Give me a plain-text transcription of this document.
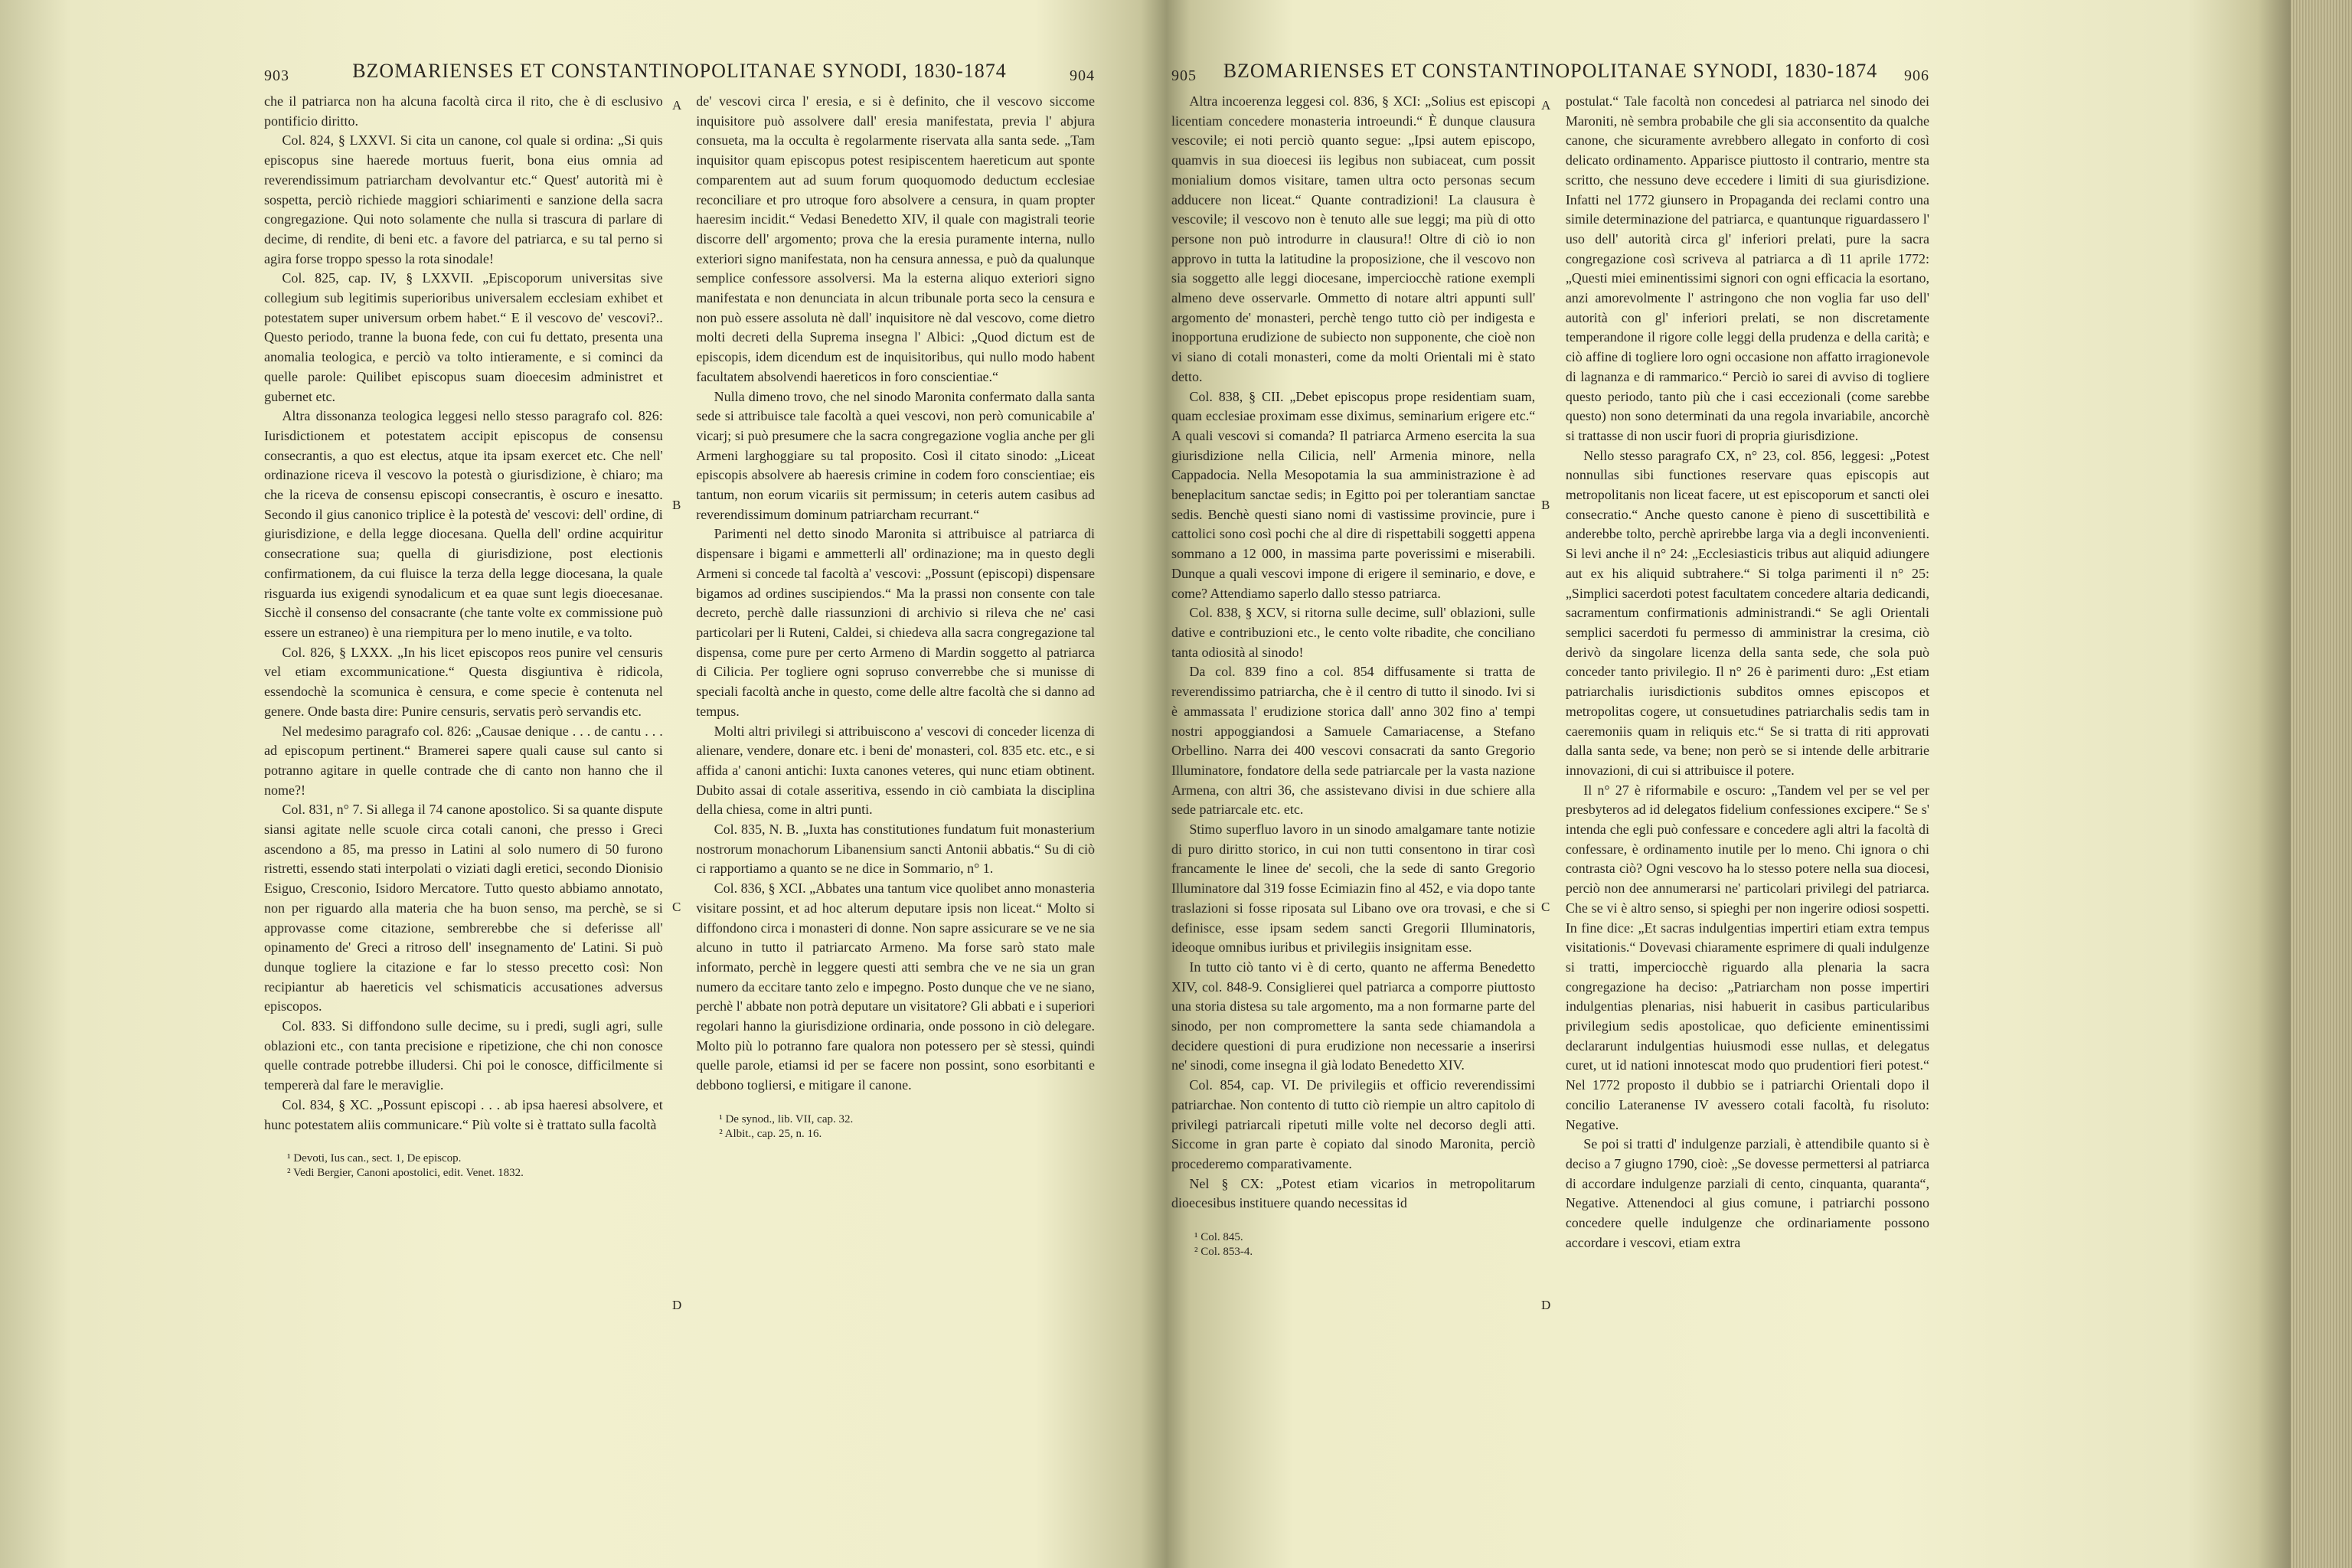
903	BZOMARIENSES ET CONSTANTINOPOLITANAE SYNODI, 1830-1874	904

che il patriarca non ha alcuna facoltà circa il rito, che è di esclusivo pontificio diritto.

Col. 824, § LXXVI. Si cita un canone, col quale si ordina: „Si quis episcopus sine haerede mortuus fuerit, bona eius omnia ad reverendissimum patriarcham devolvantur etc.“ Quest' autorità mi è sospetta, perciò richiede maggiori schiarimenti e sanzione della sacra congregazione. Qui noto solamente che nulla si trascura di parlare di decime, di rendite, di beni etc. a favore del patriarca, e su tal perno si agira forse troppo spesso la rota sinodale!

Col. 825, cap. IV, § LXXVII. „Episcoporum universitas sive collegium sub legitimis superioribus universalem ecclesiam exhibet et potestatem super universum orbem habet.“ E il vescovo de' vescovi?.. Questo periodo, tranne la buona fede, con cui fu dettato, presenta una anomalia teologica, e perciò va tolto intieramente, e si cominci da quelle parole: Quilibet episcopus suam dioecesim administret et gubernet etc.

Altra dissonanza teologica leggesi nello stesso paragrafo col. 826: Iurisdictionem et potestatem accipit episcopus de consensu consecrantis, a quo est electus, atque ita ipsam exercet etc. Che nell' ordinazione riceva il vescovo la potestà o giurisdizione, è chiaro; ma che la riceva de consensu episcopi consecrantis, è oscuro e inesatto. Secondo il gius canonico triplice è la potestà de' vescovi: dell' ordine, di giurisdizione, e della legge diocesana. Quella dell' ordine acquiritur consecratione sua; quella di giurisdizione, post electionis confirmationem, da cui fluisce la terza della legge diocesana, la quale risguarda ius exigendi synodalicum et ea quae sunt legis dioecesanae. Sicchè il consenso del consacrante (che tante volte ex commissione può essere un estraneo) è una riempitura per lo meno inutile, e va tolto.

Col. 826, § LXXX. „In his licet episcopos reos punire vel censuris vel etiam excommunicatione.“ Questa disgiuntiva è ridicola, essendochè la scomunica è censura, e come specie è contenuta nel genere. Onde basta dire: Punire censuris, servatis però servandis etc.

Nel medesimo paragrafo col. 826: „Causae denique . . . de cantu . . . ad episcopum pertinent.“ Bramerei sapere quali cause sul canto si potranno agitare in quelle contrade che di canto non hanno che il nome?!

Col. 831, n° 7. Si allega il 74 canone apostolico. Si sa quante dispute siansi agitate nelle scuole circa cotali canoni, che presso i Greci ascendono a 85, ma presso in Latini al solo numero di 50 furono ristretti, essendo stati interpolati o viziati dagli eretici, secondo Dionisio Esiguo, Cresconio, Isidoro Mercatore. Tutto questo abbiamo annotato, non per riguardo alla materia che ha buon senso, ma perchè, se si approvasse come citazione, sembrerebbe che si deferisse all' opinamento de' Greci a ritroso dell' insegnamento de' Latini. Si può dunque togliere la citazione e far lo stesso precetto così: Non recipiantur ab haereticis vel schismaticis accusationes adversus episcopos.

Col. 833. Si diffondono sulle decime, su i predi, sugli agri, sulle oblazioni etc., con tanta precisione e ripetizione, che chi non conosce quelle contrade potrebbe illudersi. Chi poi le conosce, difficilmente si tempererà dal fare le meraviglie.

Col. 834, § XC. „Possunt episcopi . . . ab ipsa haeresi absolvere, et hunc potestatem aliis communicare.“ Più volte si è trattato sulla facoltà

¹ Devoti, Ius can., sect. 1, De episcop.
² Vedi Bergier, Canoni apostolici, edit. Venet. 1832.

de' vescovi circa l' eresia, e si è definito, che il vescovo siccome inquisitore può assolvere dall' eresia manifestata, previa l' abjura consueta, ma la occulta è regolarmente riservata alla santa sede. „Tam inquisitor quam episcopus potest resipiscentem haereticum aut sponte comparentem aut ad suum forum quoquomodo deductum ecclesiae reconciliare et pro utroque foro absolvere a censura, in quam propter haeresim incidit.“ Vedasi Benedetto XIV, il quale con magistrali teorie discorre dell' argomento; prova che la eresia puramente interna, nullo exteriori signo manifestata, non ha censura annessa, e può da qualunque semplice confessore assolversi. Ma la esterna aliquo exteriori signo manifestata e non denunciata in alcun tribunale porta seco la censura e non può essere assoluta nè dall' inquisitore nè dal vescovo, come dietro molti decreti della Suprema insegna l' Albici: „Quod dictum est de episcopis, idem dicendum est de inquisitoribus, qui nullo modo habent facultatem absolvendi haereticos in foro conscientiae.“

Nulla dimeno trovo, che nel sinodo Maronita confermato dalla santa sede si attribuisce tale facoltà a quei vescovi, non però comunicabile a' vicarj; si può presumere che la sacra congregazione voglia anche per gli Armeni larghoggiare su tal proposito. Così il citato sinodo: „Liceat episcopis absolvere ab haeresis crimine in codem foro conscientiae; eis tantum, non eorum vicariis sit permissum; in ceteris autem casibus ad reverendissimum dominum patriarcham recurrant.“

Parimenti nel detto sinodo Maronita si attribuisce al patriarca di dispensare i bigami e ammetterli all' ordinazione; ma in questo degli Armeni si concede tal facoltà a' vescovi: „Possunt (episcopi) dispensare bigamos ad ordines suscipiendos.“ Ma la prassi non consente con tale decreto, perchè dalle riassunzioni di archivio si rileva che ne' casi particolari per li Ruteni, Caldei, si chiedeva alla sacra congregazione tal dispensa, come pure per certo Armeno di Mardin soggetto al patriarca di Cilicia. Per togliere ogni sopruso converrebbe che si munisse di speciali facoltà anche in questo, come delle altre facoltà che si danno ad tempus.

Molti altri privilegi si attribuiscono a' vescovi di conceder licenza di alienare, vendere, donare etc. i beni de' monasteri, col. 835 etc. etc., e si affida a' canoni antichi: Iuxta canones veteres, qui nunc etiam obtinent. Dubito assai di cotale asseritiva, essendo in ciò cambiata la disciplina della chiesa, come in altri punti.

Col. 835, N. B. „Iuxta has constitutiones fundatum fuit monasterium nostrorum monachorum Libanensium sancti Antonii abbatis.“ Su di ciò ci rapportiamo a quanto se ne dice in Sommario, n° 1.

Col. 836, § XCI. „Abbates una tantum vice quolibet anno monasteria visitare possint, et ad hoc alterum deputare ipsis non liceat.“ Molto si diffondono circa i monasteri di donne. Non sapre assicurare se ve ne sia alcuno in tutto il patriarcato Armeno. Ma forse sarò stato male informato, perchè in leggere questi atti sembra che ve ne sia un gran numero da eccitare tanto zelo e impegno. Posto dunque che ve ne siano, perchè l' abbate non potrà deputare un visitatore? Gli abbati e i superiori regolari hanno la giurisdizione ordinaria, onde possono in ciò delegare. Molto più lo potranno fare qualora non potessero per sè stessi, quindi quelle parole, etiamsi id per se facere non possint, sono esorbitanti e debbono togliersi, e mitigare il canone.

¹ De synod., lib. VII, cap. 32.
² Albit., cap. 25, n. 16.
A
B
C
D
905	BZOMARIENSES ET CONSTANTINOPOLITANAE SYNODI, 1830-1874	906

Altra incoerenza leggesi col. 836, § XCI: „Solius est episcopi licentiam concedere monasteria introeundi.“ È dunque clausura vescovile; ei noti perciò quanto segue: „Ipsi autem episcopo, quamvis in sua dioecesi iis legibus non subiaceat, cum possit monialium domos visitare, tamen ultra octo personas secum adducere non liceat.“ Quante contradizioni! La clausura è vescovile; il vescovo non è tenuto alle sue leggi; ma più di otto persone non può introdurre in clausura!! Oltre di ciò io non approvo in tutta la latitudine la proposizione, che il vescovo non sia soggetto alle leggi diocesane, imperciocchè ratione exempli almeno deve osservarle. Ommetto di notare altri appunti sull' argomento de' monasteri, perchè tengo tutto ciò per indigesta e inopportuna erudizione de subiecto non supponente, che cioè non vi siano di cotali monasteri, come da molti Orientali mi è stato detto.

Col. 838, § CII. „Debet episcopus prope residentiam suam, quam ecclesiae proximam esse diximus, seminarium erigere etc.“ A quali vescovi si comanda? Il patriarca Armeno esercita la sua giurisdizione nella Cilicia, nell' Armenia minore, nella Cappadocia. Nella Mesopotamia la sua amministrazione è ad beneplacitum sanctae sedis; in Egitto poi per tolerantiam sanctae sedis. Benchè questi siano nomi di vastissime provincie, pure i cattolici sono così pochi che al dire di rispettabili soggetti appena sommano a 12 000, in massima parte poverissimi e miserabili. Dunque a quali vescovi impone di erigere il seminario, e dove, e come? Attendiamo saperlo dallo stesso patriarca.

Col. 838, § XCV, si ritorna sulle decime, sull' oblazioni, sulle dative e contribuzioni etc., le cento volte ribadite, che conciliano tanta odiosità al sinodo!

Da col. 839 fino a col. 854 diffusamente si tratta de reverendissimo patriarcha, che è il centro di tutto il sinodo. Ivi si è ammassata l' erudizione storica dall' anno 302 fino a' tempi nostri appoggiandosi a Samuele Camariacense, a Stefano Orbellino. Narra dei 400 vescovi consacrati da santo Gregorio Illuminatore, fondatore della sede patriarcale per la vasta nazione Armena, con altri 36, che assistevano divisi in due schiere alla sede patriarcale etc. etc.

Stimo superfluo lavoro in un sinodo amalgamare tante notizie di puro diritto storico, in cui non tutti consentono in tirar così francamente le linee de' secoli, che la sede di santo Gregorio Illuminatore dal 319 fosse Ecimiazin fino al 452, e via dopo tante traslazioni si fosse riposata sul Libano ove ora trovasi, e che si definisce, esse ipsam sedem sancti Gregorii Illuminatoris, ideoque omnibus iuribus et privilegiis insignitam esse.

In tutto ciò tanto vi è di certo, quanto ne afferma Benedetto XIV, col. 848-9. Consiglierei quel patriarca a comporre piuttosto una storia distesa su tale argomento, ma a non formarne parte del sinodo, per non compromettere la santa sede chiamandola a decidere questioni di pura erudizione non necessarie a inserirsi ne' sinodi, come insegna il già lodato Benedetto XIV.

Col. 854, cap. VI. De privilegiis et officio reverendissimi patriarchae. Non contento di tutto ciò riempie un altro capitolo di privilegi patriarcali ripetuti mille volte nel decorso degli atti. Siccome in gran parte è copiato dal sinodo Maronita, perciò procederemo comparativamente.

Nel § CX: „Potest etiam vicarios in metropolitarum dioecesibus instituere quando necessitas id

¹ Col. 845.
² Col. 853-4.

postulat.“ Tale facoltà non concedesi al patriarca nel sinodo dei Maroniti, nè sembra probabile che gli sia acconsentito da qualche canone, che sicuramente avrebbero allegato in conforto di così delicato ordinamento. Apparisce piuttosto il contrario, mentre sta scritto, che nessuno deve eccedere i limiti di sua giurisdizione. Infatti nel 1772 giunsero in Propaganda dei reclami contro una simile determinazione del patriarca, e quantunque riguardassero l' uso dell' autorità circa gl' inferiori prelati, pure la sacra congregazione così scriveva al patriarca a dì 11 aprile 1772: „Questi miei eminentissimi signori con ogni efficacia la esortano, anzi amorevolmente l' astringono che non voglia far uso dell' autorità con gl' inferiori prelati, se non discretamente temperandone il rigore colle leggi della prudenza e della carità; e ciò affine di togliere loro ogni occasione non affatto irragionevole di lagnanza e di rammarico.“ Perciò io sarei di avviso di togliere questo periodo, tanto più che i casi eccezionali (come sarebbe questo) non sono determinati da una regola invariabile, ancorchè si trattasse di non uscir fuori di propria giurisdizione.

Nello stesso paragrafo CX, n° 23, col. 856, leggesi: „Potest nonnullas sibi functiones reservare quas episcopis aut metropolitanis non liceat facere, ut est episcoporum et sancti olei consecratio.“ Anche questo canone è pieno di suscettibilità e anderebbe tolto, perchè aprirebbe larga via a degli inconvenienti. Si levi anche il n° 24: „Ecclesiasticis tribus aut aliquid adiungere aut ex his aliquid subtrahere.“ Si tolga parimenti il n° 25: „Simplici sacerdoti potest facultatem concedere altaria dedicandi, sacramentum confirmationis administrandi.“ Se agli Orientali semplici sacerdoti fu permesso di amministrar la cresima, ciò derivò da singolare licenza della santa sede, che sola può conceder tanto privilegio. Il n° 26 è parimenti duro: „Est etiam patriarchalis iurisdictionis subditos omnes episcopos et metropolitas cogere, ut consuetudines patriarchalis sedis tam in caeremoniis quam in reliquis etc.“ Se si tratta di riti approvati dalla santa sede, va bene; non però se si intende delle arbitrarie innovazioni, di cui si attribuisce il potere.

Il n° 27 è riformabile e oscuro: „Tandem vel per se vel per presbyteros ad id delegatos fidelium confessiones excipere.“ Se s' intenda che egli può confessare e concedere agli altri la facoltà di confessare, è ordinamento inutile per lo meno. Chi ignora o chi contrasta ciò? Ogni vescovo ha lo stesso potere nella sua diocesi, perciò non dee annumerarsi ne' particolari privilegi del patriarca. Che se vi è altro senso, si spieghi per non ingerire odiosi sospetti. In fine dice: „Et sacras indulgentias impertiri etiam extra tempus visitationis.“ Dovevasi chiaramente esprimere di quali indulgenze si tratti, imperciocchè riguardo alla plenaria la sacra congregazione ha deciso: „Patriarcham non posse impertiri indulgentias plenarias, nisi habuerit in casibus particularibus privilegium sedis apostolicae, quo deficiente eminentissimi declararunt indulgentias huiusmodi esse nullas, et delegatus curet, ut id nationi innotescat modo quo prudentiori fieri potest.“ Nel 1772 proposto il dubbio se i patriarchi Orientali dopo il concilio Lateranense IV avessero cotali facoltà, fu risoluto: Negative.

Se poi si tratti d' indulgenze parziali, è attendibile quanto si è deciso a 7 giugno 1790, cioè: „Se dovesse permettersi al patriarca di accordare indulgenze parziali di cento, cinquanta, quaranta“, Negative. Attenendoci al gius comune, i patriarchi possono concedere quelle indulgenze che ordinariamente possono accordare i vescovi, etiam extra

A
B
C
D
